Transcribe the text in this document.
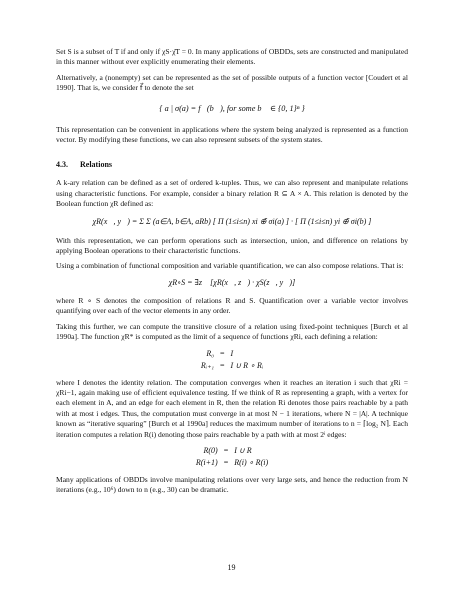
Set S is a subset of T if and only if χS·χ̄T = 0. In many applications of OBDDs, sets are constructed and manipulated in this manner without ever explicitly enumerating their elements.

Alternatively, a (nonempty) set can be represented as the set of possible outputs of a function vector [Coudert et al 1990]. That is, we consider f⃗ to denote the set

{ a | σ(a) = f⃗(b⃗), for some b⃗ ∈ {0, 1}ⁿ }

This representation can be convenient in applications where the system being analyzed is represented as a function vector. By modifying these functions, we can also represent subsets of the system states.

4.3. Relations

A k-ary relation can be defined as a set of ordered k-tuples. Thus, we can also represent and manipulate relations using characteristic functions. For example, consider a binary relation R ⊆ A × A. This relation is denoted by the Boolean function χR defined as:

χR(x⃗, y⃗) = Σ Σ (a∈A, b∈A, aRb) [ Π (1≤i≤n) xi ⊕̄ σi(a) ] · [ Π (1≤i≤n) yi ⊕̄ σi(b) ]

With this representation, we can perform operations such as intersection, union, and difference on relations by applying Boolean operations to their characteristic functions.

Using a combination of functional composition and variable quantification, we can also compose relations. That is:

χR∘S = ∃z⃗ [χR(x⃗, z⃗) · χS(z⃗, y⃗)]

where R ∘ S denotes the composition of relations R and S. Quantification over a variable vector involves quantifying over each of the vector elements in any order.

Taking this further, we can compute the transitive closure of a relation using fixed-point techniques [Burch et al 1990a]. The function χR* is computed as the limit of a sequence of functions χRi, each defining a relation:

R₀	=	I
Rᵢ₊₁	=	I ∪ R ∘ Rᵢ

where I denotes the identity relation. The computation converges when it reaches an iteration i such that χRi = χRi−1, again making use of efficient equivalence testing. If we think of R as representing a graph, with a vertex for each element in A, and an edge for each element in R, then the relation Ri denotes those pairs reachable by a path with at most i edges. Thus, the computation must converge in at most N − 1 iterations, where N = |A|. A technique known as “iterative squaring” [Burch et al 1990a] reduces the maximum number of iterations to n = ⌈log₂ N⌉. Each iteration computes a relation R(i) denoting those pairs reachable by a path with at most 2ⁱ edges:

R(0)	=	I ∪ R
R(i+1)	=	R(i) ∘ R(i)

Many applications of OBDDs involve manipulating relations over very large sets, and hence the reduction from N iterations (e.g., 10⁶) down to n (e.g., 30) can be dramatic.

19
